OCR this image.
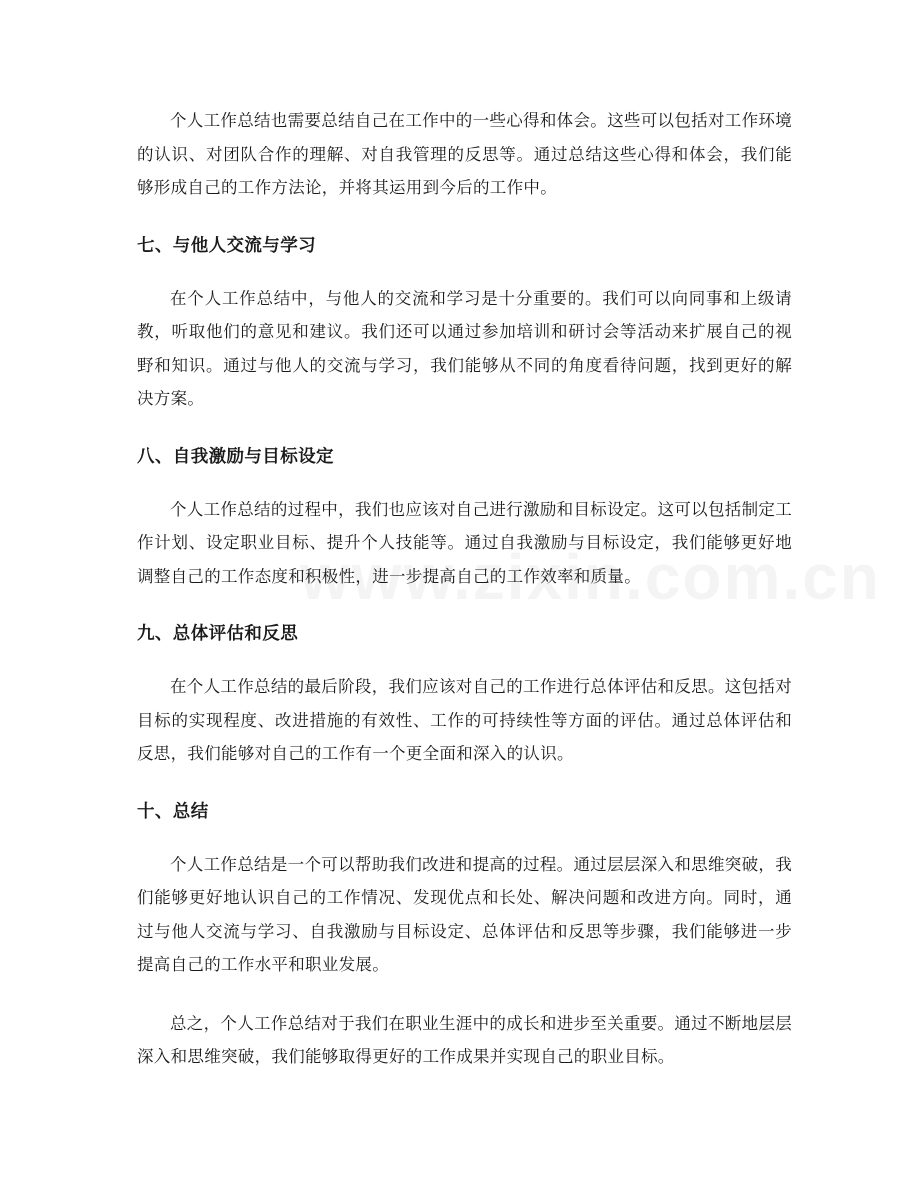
个人工作总结也需要总结自己在工作中的一些心得和体会。这些可以包括对工作环境的认识、对团队合作的理解、对自我管理的反思等。通过总结这些心得和体会，我们能够形成自己的工作方法论，并将其运用到今后的工作中。

七、与他人交流与学习

在个人工作总结中，与他人的交流和学习是十分重要的。我们可以向同事和上级请教，听取他们的意见和建议。我们还可以通过参加培训和研讨会等活动来扩展自己的视野和知识。通过与他人的交流与学习，我们能够从不同的角度看待问题，找到更好的解决方案。

八、自我激励与目标设定

个人工作总结的过程中，我们也应该对自己进行激励和目标设定。这可以包括制定工作计划、设定职业目标、提升个人技能等。通过自我激励与目标设定，我们能够更好地调整自己的工作态度和积极性，进一步提高自己的工作效率和质量。

九、总体评估和反思

在个人工作总结的最后阶段，我们应该对自己的工作进行总体评估和反思。这包括对目标的实现程度、改进措施的有效性、工作的可持续性等方面的评估。通过总体评估和反思，我们能够对自己的工作有一个更全面和深入的认识。

十、总结

个人工作总结是一个可以帮助我们改进和提高的过程。通过层层深入和思维突破，我们能够更好地认识自己的工作情况、发现优点和长处、解决问题和改进方向。同时，通过与他人交流与学习、自我激励与目标设定、总体评估和反思等步骤，我们能够进一步提高自己的工作水平和职业发展。

总之，个人工作总结对于我们在职业生涯中的成长和进步至关重要。通过不断地层层深入和思维突破，我们能够取得更好的工作成果并实现自己的职业目标。
